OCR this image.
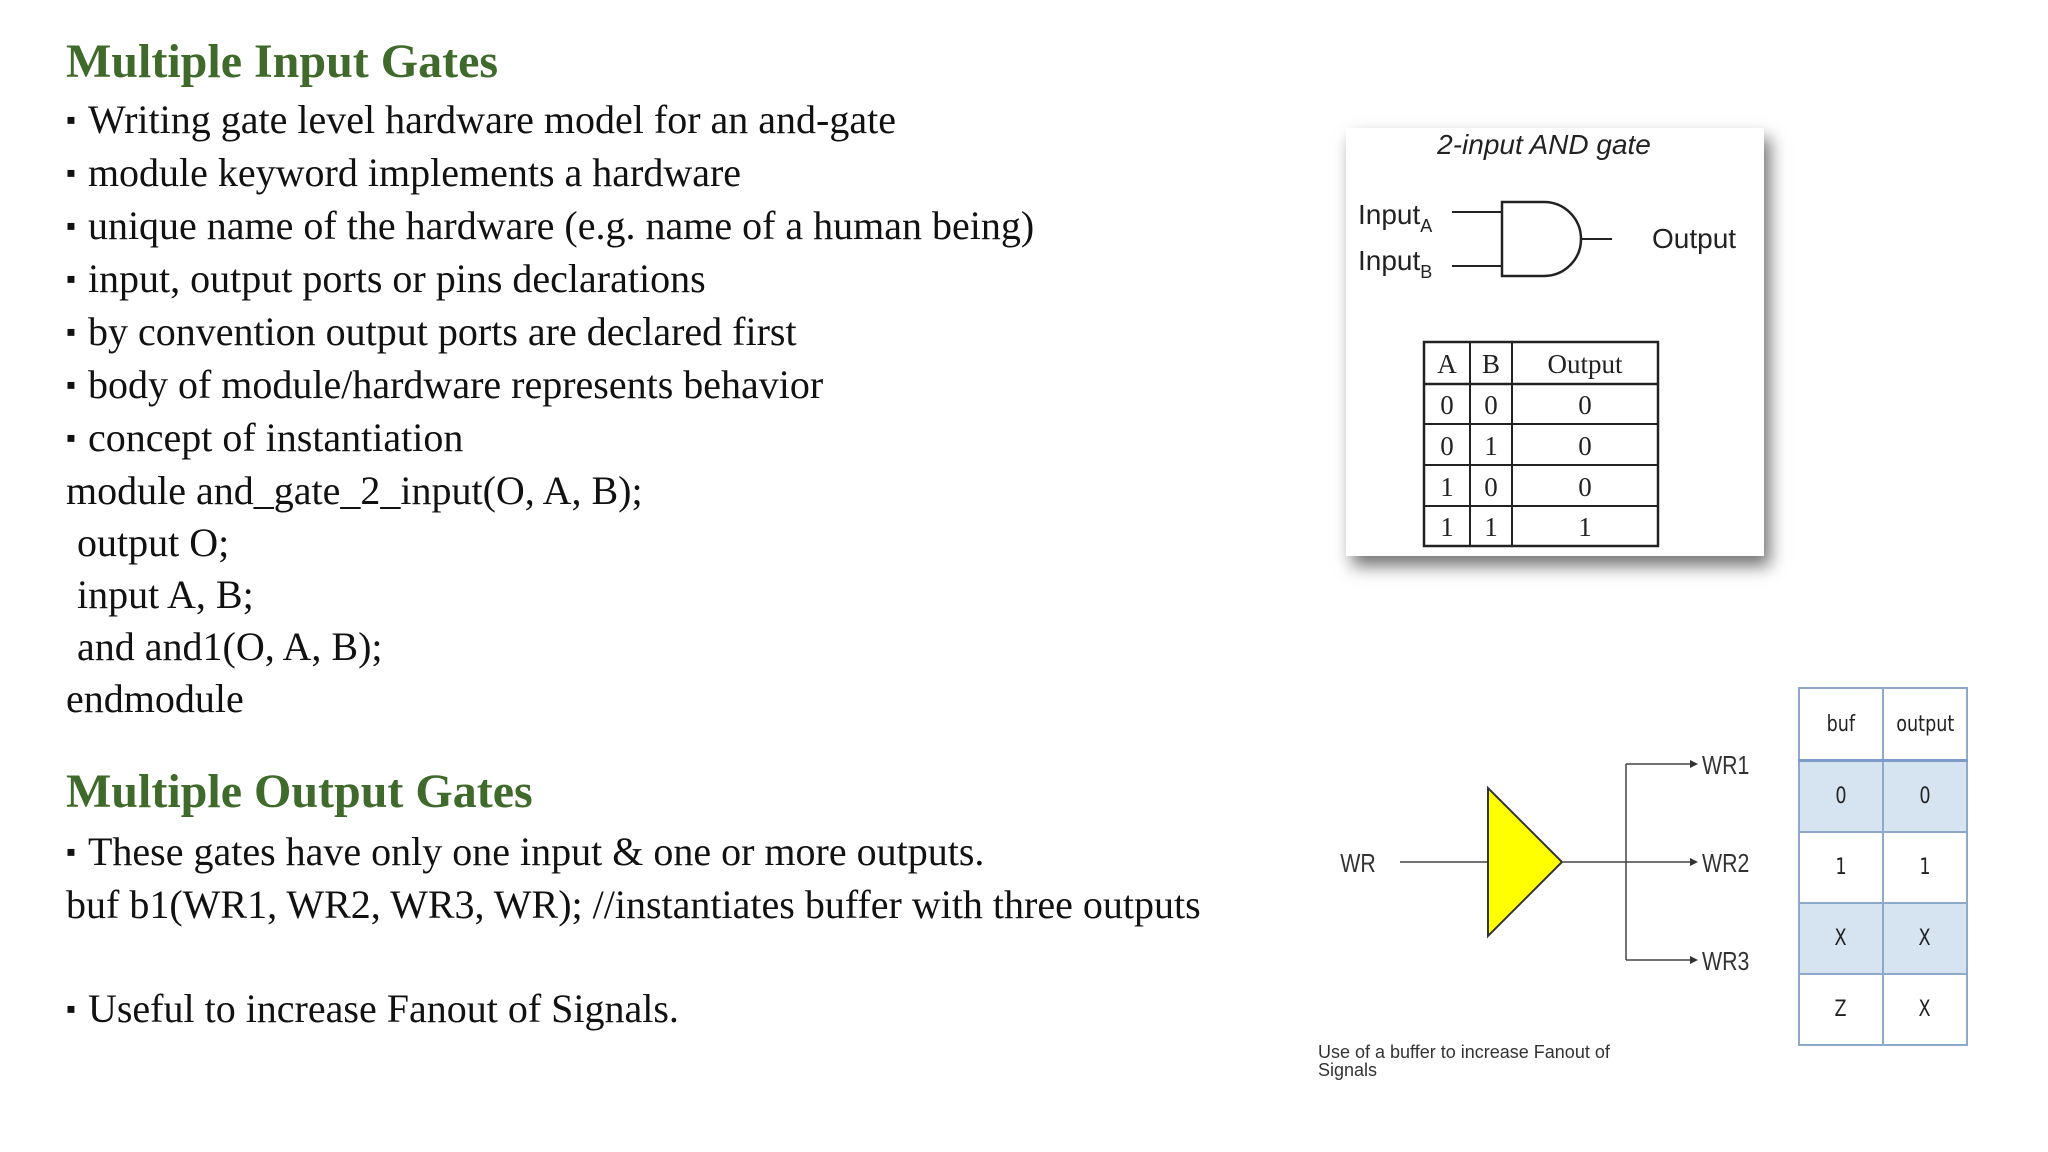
Multiple Input Gates
▪ Writing gate level hardware model for an and-gate
▪ module keyword implements a hardware
▪ unique name of the hardware (e.g. name of a human being)
▪ input, output ports or pins declarations
▪ by convention output ports are declared first
▪ body of module/hardware represents behavior
▪ concept of instantiation
module and_gate_2_input(O, A, B);
output O;
input A, B;
and and1(O, A, B);
endmodule
Multiple Output Gates
▪ These gates have only one input & one or more outputs.
buf b1(WR1, WR2, WR3, WR); //instantiates buffer with three outputs

▪ Useful to increase Fanout of Signals.
2-input AND gate
Input$_A$
Input$_B$
Output
A B Output
0 0	0
0 1	0
1 0	0
1 1	1
WR
WR1
WR2
WR3
buf	output
0	0
1	1
X	X
Z	X
Use of a buffer to increase Fanout of Signals
